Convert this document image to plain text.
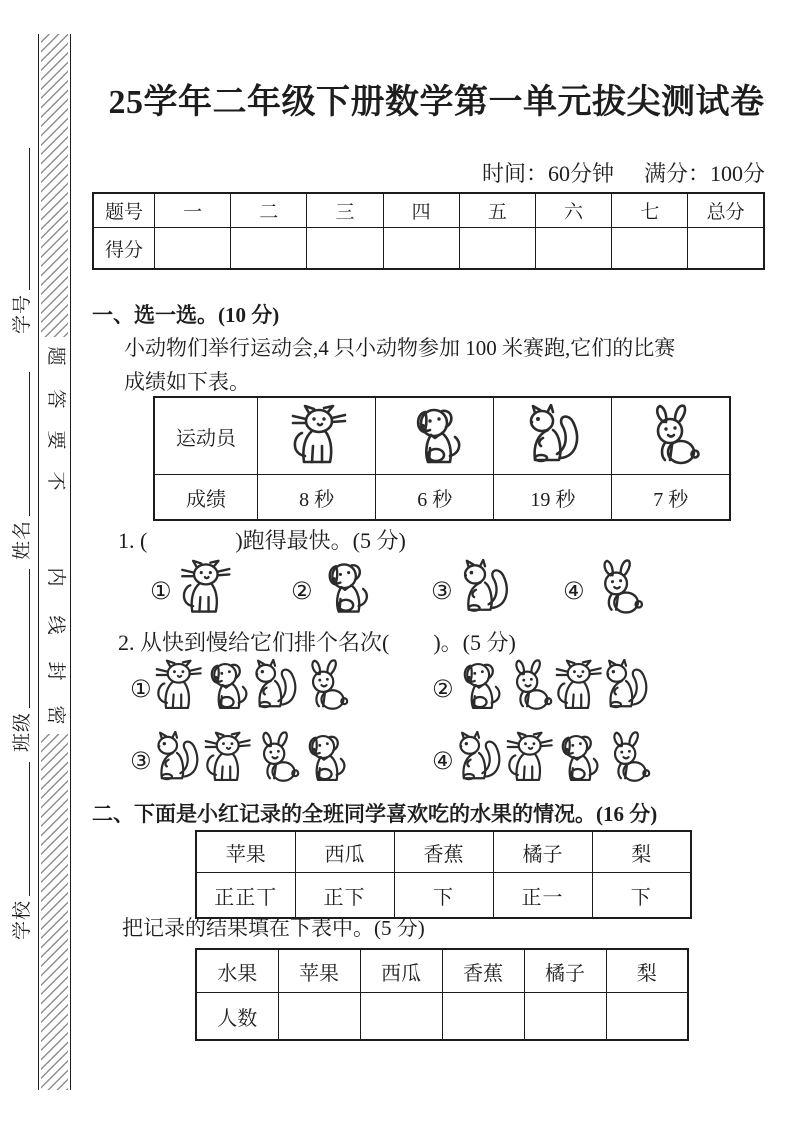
题
答
要
不
内
线
封
密
学号
姓名
班级
学校
25学年二年级下册数学第一单元拔尖测试卷
时间：60分钟 满分：100分
题号	一	二	三	四	五	六	七	总分
得分								
一、选一选。(10 分)
小动物们举行运动会,4 只小动物参加 100 米赛跑,它们的比赛
成绩如下表。
运动员				
成绩	8 秒	6 秒	19 秒	7 秒
1. (　　　　)跑得最快。(5 分)
①	②	③	④
2. 从快到慢给它们排个名次(　　)。(5 分)
①	②
③	④
二、下面是小红记录的全班同学喜欢吃的水果的情况。(16 分)
苹果	西瓜	香蕉	橘子	梨
正正丅	正下	下	正一	下
把记录的结果填在下表中。(5 分)
水果	苹果	西瓜	香蕉	橘子	梨
人数					
